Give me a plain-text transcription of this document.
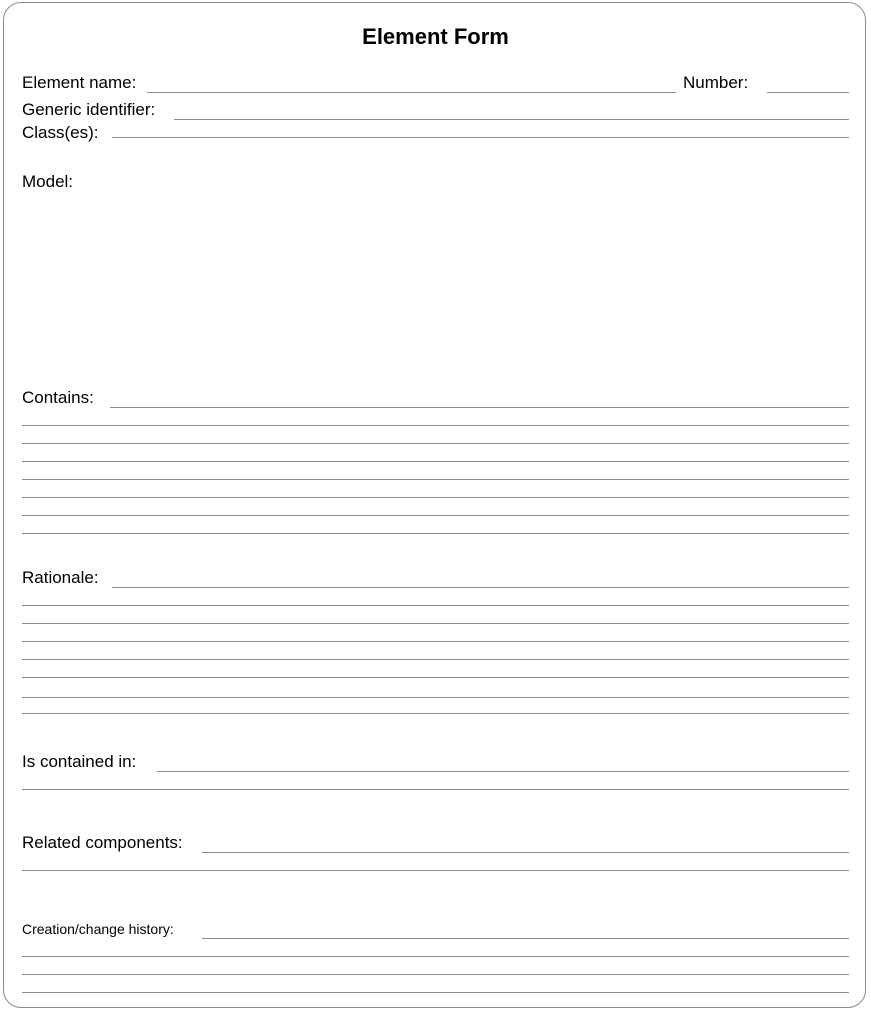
Element Form
Element name:	Number:
Generic identifier:
Class(es):
Model:
Contains:
Rationale:
Is contained in:
Related components:
Creation/change history:
